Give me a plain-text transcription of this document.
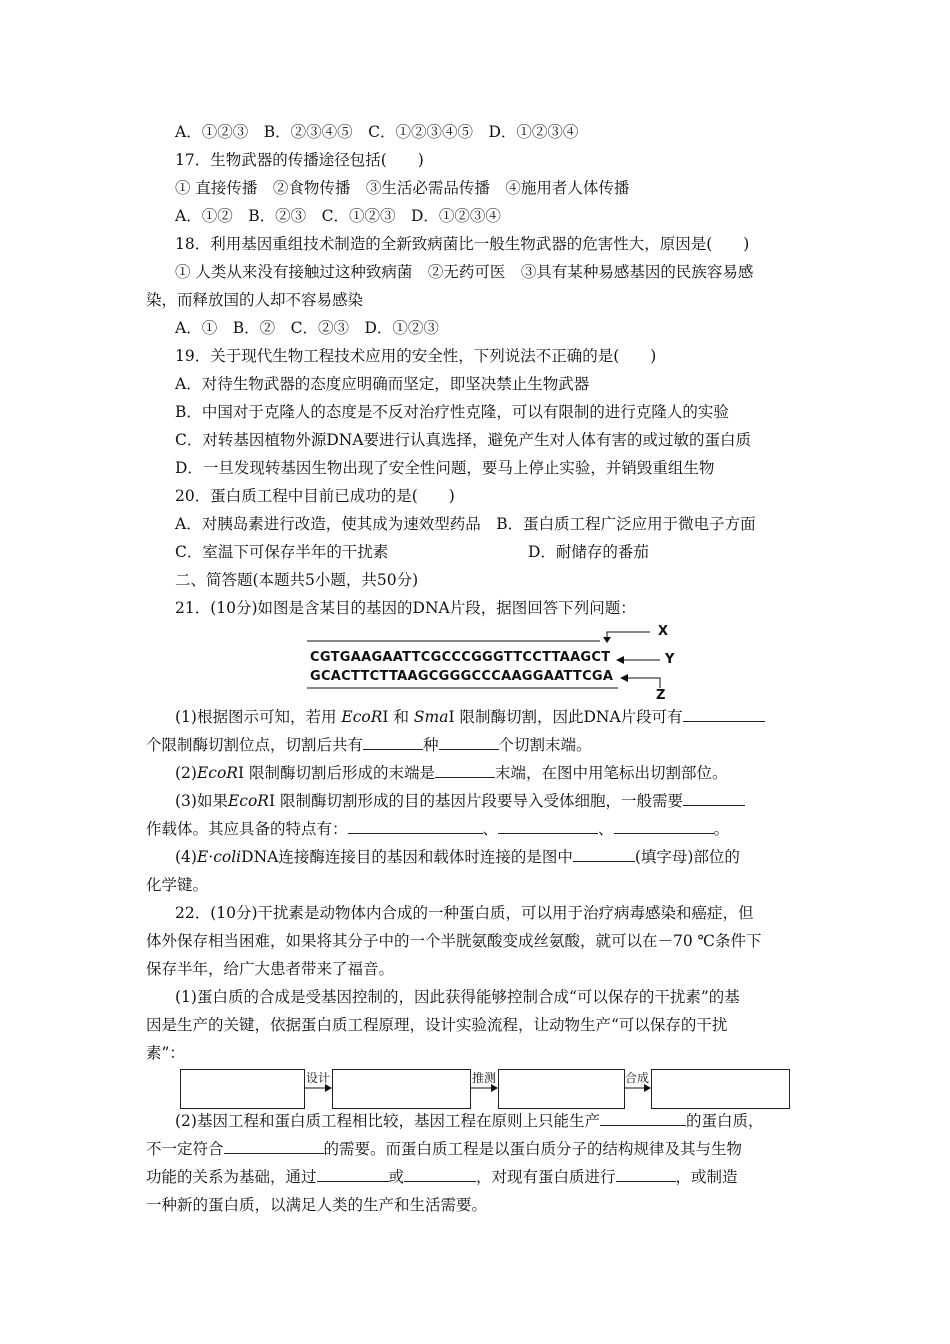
A．①②③　B．②③④⑤　C．①②③④⑤　D．①②③④
17．生物武器的传播途径包括(　　)
① 直接传播　②食物传播　③生活必需品传播　④施用者人体传播
A．①②　B．②③　C．①②③　D．①②③④
18．利用基因重组技术制造的全新致病菌比一般生物武器的危害性大，原因是(　　)
① 人类从来没有接触过这种致病菌　②无药可医　③具有某种易感基因的民族容易感
染，而释放国的人却不容易感染
A．①　B．②　C．②③　D．①②③
19．关于现代生物工程技术应用的安全性，下列说法不正确的是(　　)
A．对待生物武器的态度应明确而坚定，即坚决禁止生物武器
B．中国对于克隆人的态度是不反对治疗性克隆，可以有限制的进行克隆人的实验
C．对转基因植物外源DNA要进行认真选择，避免产生对人体有害的或过敏的蛋白质
D．一旦发现转基因生物出现了安全性问题，要马上停止实验，并销毁重组生物
20．蛋白质工程中目前已成功的是(　　)
A．对胰岛素进行改造，使其成为速效型药品　B．蛋白质工程广泛应用于微电子方面
C．室温下可保存半年的干扰素	D．耐储存的番茄
二、简答题(本题共5小题，共50分)
21．(10分)如图是含某目的基因的DNA片段，据图回答下列问题：
CGTGAAGAATTCGCCCGGGTTCCTTAAGCT
GCACTTCTTAAGCGGGCCCAAGGAATTCGA
X
Y
Z
(1)根据图示可知，若用 EcoRⅠ 和 SmaⅠ 限制酶切割，因此DNA片段可有
个限制酶切割位点，切割后共有	种	个切割末端。
(2)EcoRⅠ 限制酶切割后形成的末端是	末端，在图中用笔标出切割部位。
(3)如果EcoRⅠ 限制酶切割形成的目的基因片段要导入受体细胞，一般需要
作载体。其应具备的特点有：	、	、	。
(4)E·coliDNA连接酶连接目的基因和载体时连接的是图中	(填字母)部位的
化学键。
22．(10分)干扰素是动物体内合成的一种蛋白质，可以用于治疗病毒感染和癌症，但
体外保存相当困难，如果将其分子中的一个半胱氨酸变成丝氨酸，就可以在－70 ℃条件下
保存半年，给广大患者带来了福音。
(1)蛋白质的合成是受基因控制的，因此获得能够控制合成“可以保存的干扰素”的基
因是生产的关键，依据蛋白质工程原理，设计实验流程，让动物生产“可以保存的干扰
素”：
设计	推测	合成
(2)基因工程和蛋白质工程相比较，基因工程在原则上只能生产	的蛋白质，
不一定符合	的需要。而蛋白质工程是以蛋白质分子的结构规律及其与生物
功能的关系为基础，通过	或	，对现有蛋白质进行	，或制造
一种新的蛋白质，以满足人类的生产和生活需要。
